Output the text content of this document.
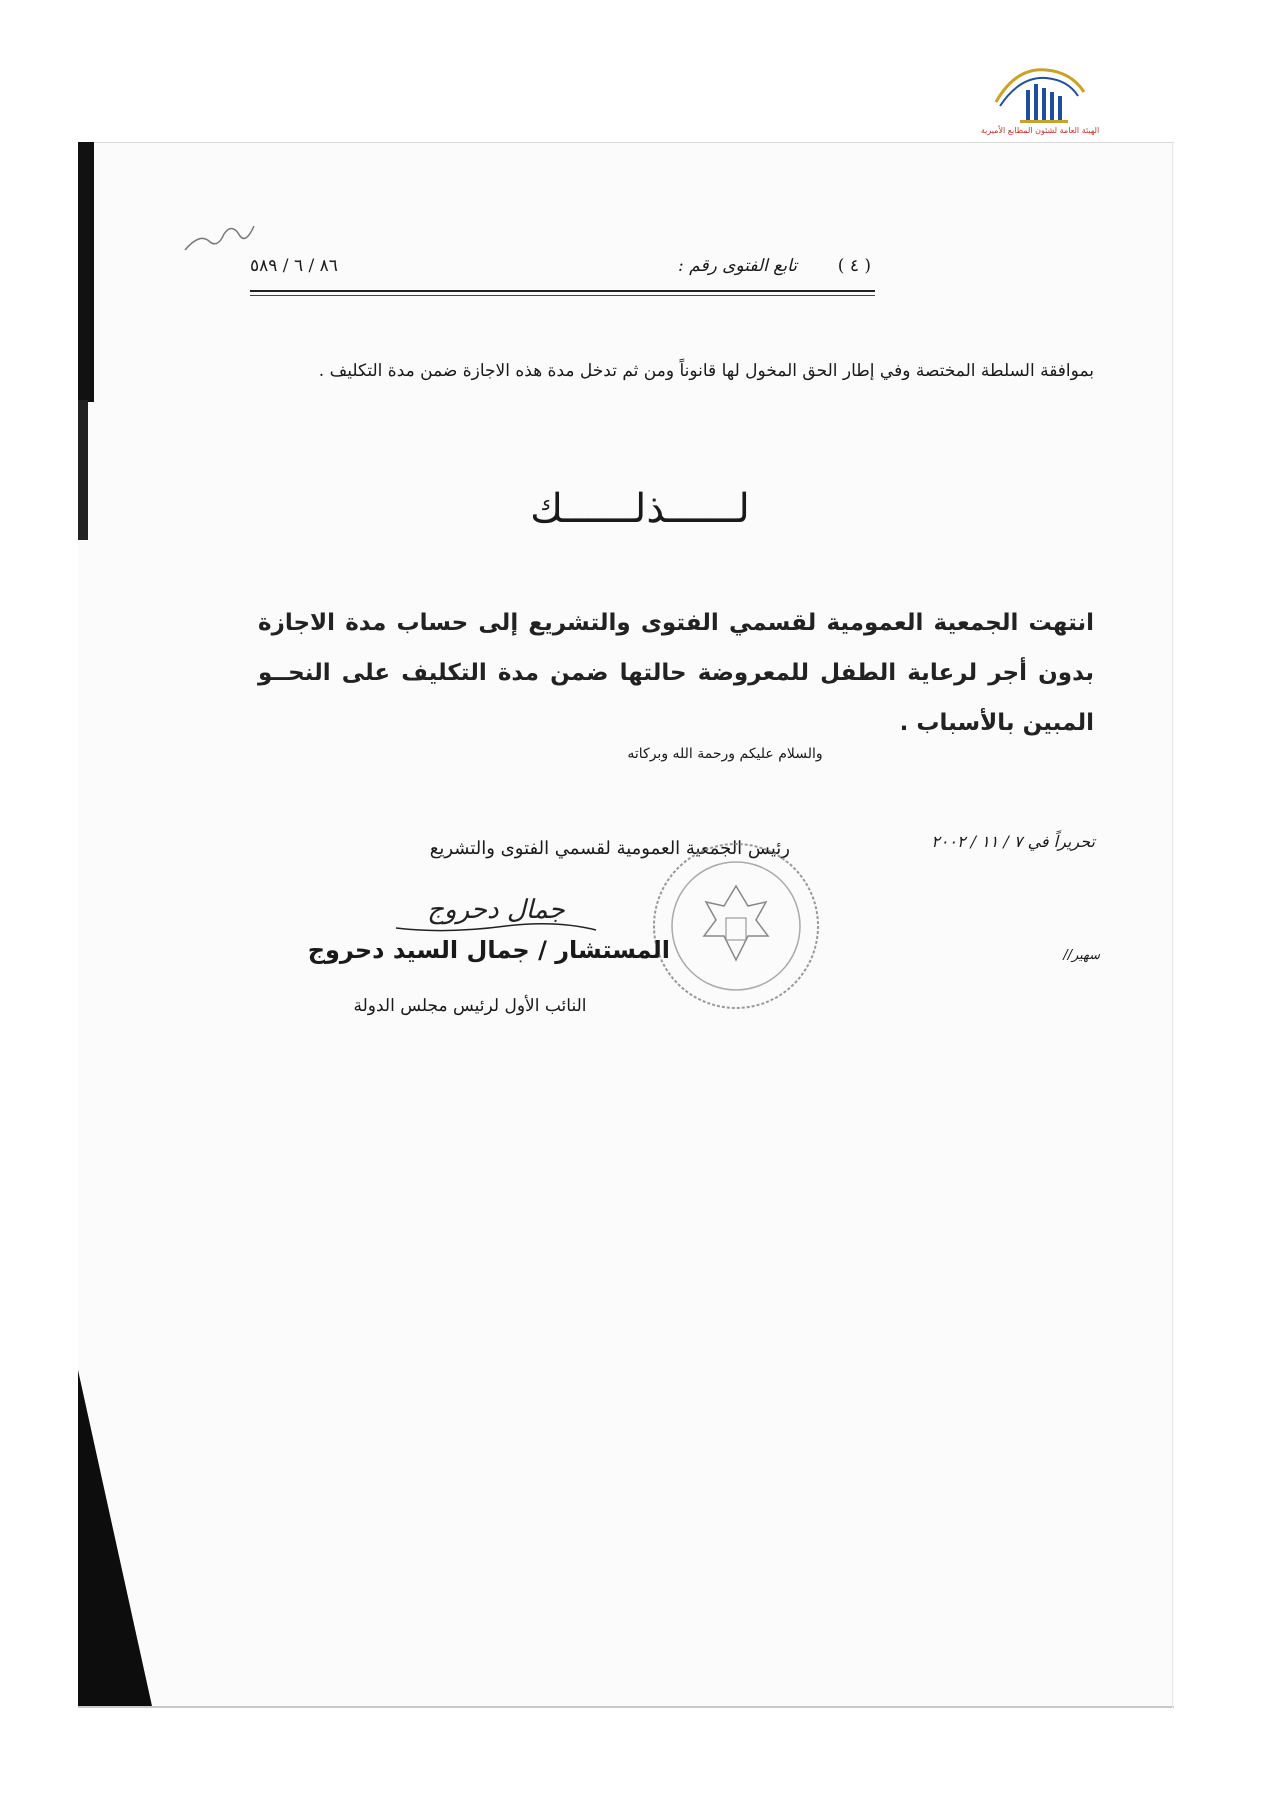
الهيئة العامة لشئون المطابع الأميرية
( ٤ )
تابع الفتوى رقم :
٨٦ / ٦ / ٥٨٩
بموافقة السلطة المختصة وفي إطار الحق المخول لها قانوناً ومن ثم تدخل مدة هذه الاجازة ضمن مدة التكليف .
لــــــذلــــــك
انتهت الجمعية العمومية لقسمي الفتوى والتشريع إلى حساب مدة الاجازة بدون أجر لرعاية الطفل للمعروضة حالتها ضمن مدة التكليف على النحــو المبين بالأسباب .
والسلام عليكم ورحمة الله وبركاته
تحريراً في ٧ / ١١ / ٢٠٠٢
رئيس الجمعية العمومية لقسمي الفتوى والتشريع
جمال دحروج
المستشار / جمال السيد دحروج
النائب الأول لرئيس مجلس الدولة
سهير//
